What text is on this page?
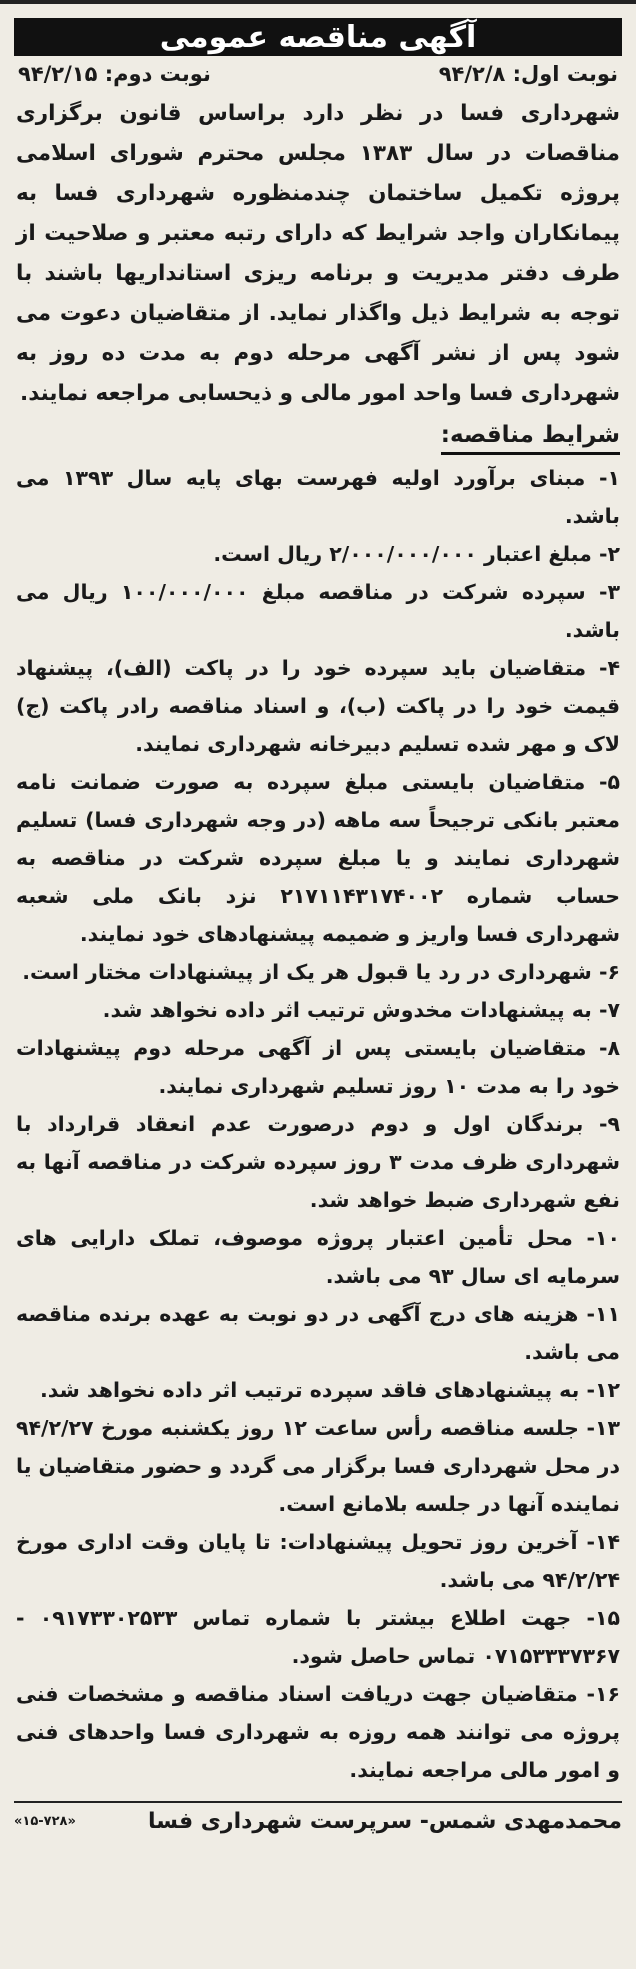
آگهی مناقصه عمومی
نوبت اول: ۹۴/۲/۸
نوبت دوم: ۹۴/۲/۱۵

شهرداری فسا در نظر دارد براساس قانون برگزاری مناقصات در سال ۱۳۸۳ مجلس محترم شورای اسلامی پروژه تکمیل ساختمان چندمنظوره شهرداری فسا به پیمانکاران واجد شرایط که دارای رتبه معتبر و صلاحیت از طرف دفتر مدیریت و برنامه ریزی استانداریها باشند با توجه به شرایط ذیل واگذار نماید. از متقاضیان دعوت می شود پس از نشر آگهی مرحله دوم به مدت ده روز به شهرداری فسا واحد امور مالی و ذیحسابی مراجعه نمایند.

شرایط مناقصه:

۱- مبنای برآورد اولیه فهرست بهای پایه سال ۱۳۹۳ می باشد.

۲- مبلغ اعتبار ۲/۰۰۰/۰۰۰/۰۰۰ ریال است.

۳- سپرده شرکت در مناقصه مبلغ ۱۰۰/۰۰۰/۰۰۰ ریال می باشد.

۴- متقاضیان باید سپرده خود را در پاکت (الف)، پیشنهاد قیمت خود را در پاکت (ب)، و اسناد مناقصه رادر پاکت (ج) لاک و مهر شده تسلیم دبیرخانه شهرداری نمایند.

۵- متقاضیان بایستی مبلغ سپرده به صورت ضمانت نامه معتبر بانکی ترجیحاً سه ماهه (در وجه شهرداری فسا) تسلیم شهرداری نمایند و یا مبلغ سپرده شرکت در مناقصه به حساب شماره ۲۱۷۱۱۴۳۱۷۴۰۰۲ نزد بانک ملی شعبه شهرداری فسا واریز و ضمیمه پیشنهادهای خود نمایند.

۶- شهرداری در رد یا قبول هر یک از پیشنهادات مختار است.

۷- به پیشنهادات مخدوش ترتیب اثر داده نخواهد شد.

۸- متقاضیان بایستی پس از آگهی مرحله دوم پیشنهادات خود را به مدت ۱۰ روز تسلیم شهرداری نمایند.

۹- برندگان اول و دوم درصورت عدم انعقاد قرارداد با شهرداری ظرف مدت ۳ روز سپرده شرکت در مناقصه آنها به نفع شهرداری ضبط خواهد شد.

۱۰- محل تأمین اعتبار پروژه موصوف، تملک دارایی های سرمایه ای سال ۹۳ می باشد.

۱۱- هزینه های درج آگهی در دو نوبت به عهده برنده مناقصه می باشد.

۱۲- به پیشنهادهای فاقد سپرده ترتیب اثر داده نخواهد شد.

۱۳- جلسه مناقصه رأس ساعت ۱۲ روز یکشنبه مورخ ۹۴/۲/۲۷ در محل شهرداری فسا برگزار می گردد و حضور متقاضیان یا نماینده آنها در جلسه بلامانع است.

۱۴- آخرین روز تحویل پیشنهادات: تا پایان وقت اداری مورخ ۹۴/۲/۲۴ می باشد.

۱۵- جهت اطلاع بیشتر با شماره تماس ۰۹۱۷۳۳۰۲۵۳۳ - ۰۷۱۵۳۳۳۷۳۶۷ تماس حاصل شود.

۱۶- متقاضیان جهت دریافت اسناد مناقصه و مشخصات فنی پروژه می توانند همه روزه به شهرداری فسا واحدهای فنی و امور مالی مراجعه نمایند.

محمدمهدی شمس- سرپرست شهرداری فسا
«۱۵-۷۲۸»
